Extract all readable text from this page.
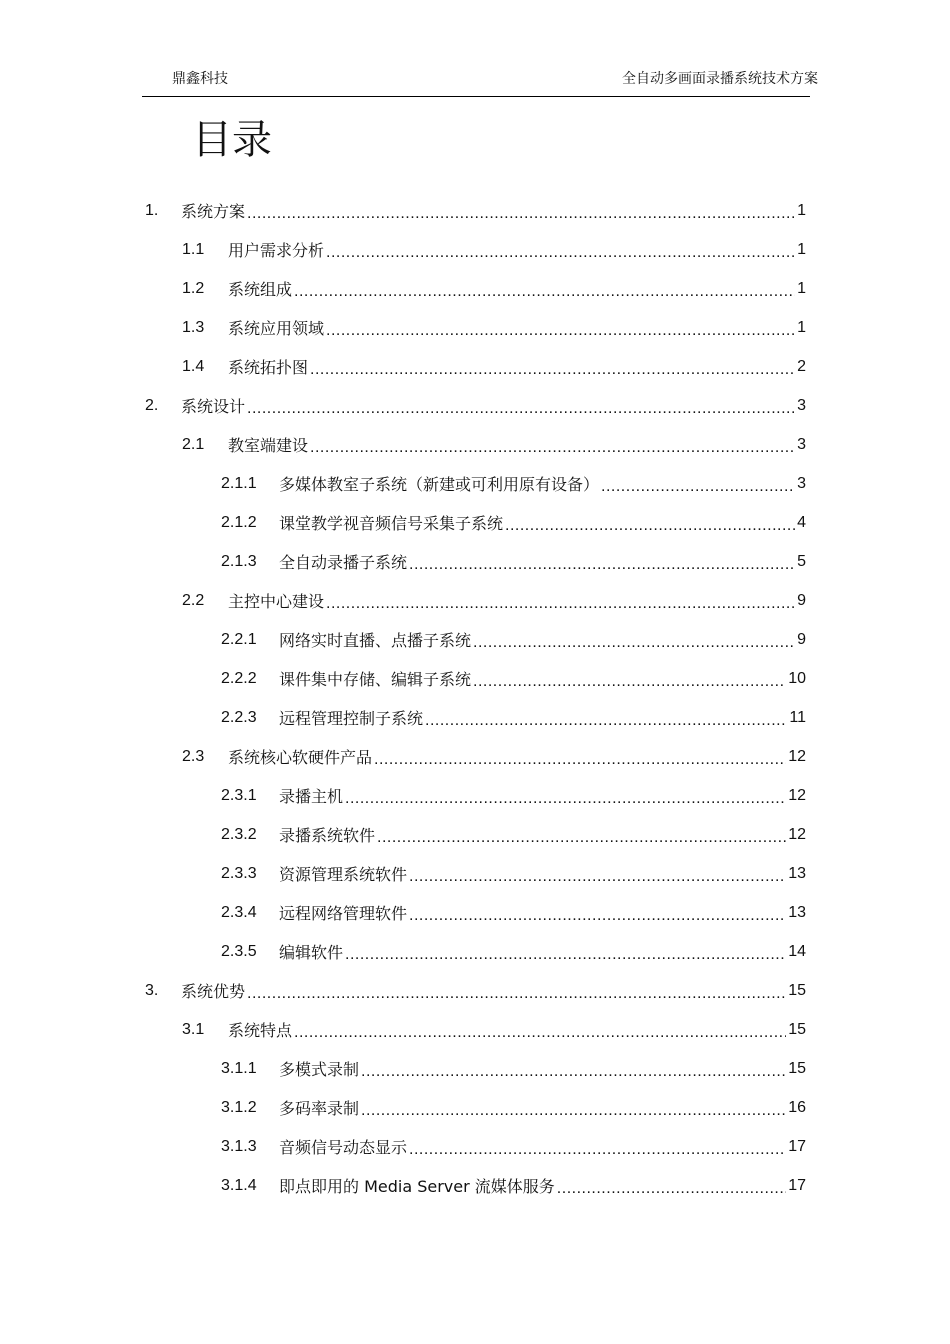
鼎鑫科技	全自动多画面录播系统技术方案
目录
1.	系统方案 .....	1
1.1	用户需求分析 .....	1
1.2	系统组成 .....	1
1.3	系统应用领域 .....	1
1.4	系统拓扑图 .....	2
2.	系统设计 .....	3
2.1	教室端建设 .....	3
2.1.1	多媒体教室子系统（新建或可利用原有设备） .....	3
2.1.2	课堂教学视音频信号采集子系统 .....	4
2.1.3	全自动录播子系统 .....	5
2.2	主控中心建设 .....	9
2.2.1	网络实时直播、点播子系统 .....	9
2.2.2	课件集中存储、编辑子系统 .....	10
2.2.3	远程管理控制子系统 .....	11
2.3	系统核心软硬件产品 .....	12
2.3.1	录播主机 .....	12
2.3.2	录播系统软件 .....	12
2.3.3	资源管理系统软件 .....	13
2.3.4	远程网络管理软件 .....	13
2.3.5	编辑软件 .....	14
3.	系统优势 .....	15
3.1	系统特点 .....	15
3.1.1	多模式录制 .....	15
3.1.2	多码率录制 .....	16
3.1.3	音频信号动态显示 .....	17
3.1.4	即点即用的 Media Server 流媒体服务 .....	17
